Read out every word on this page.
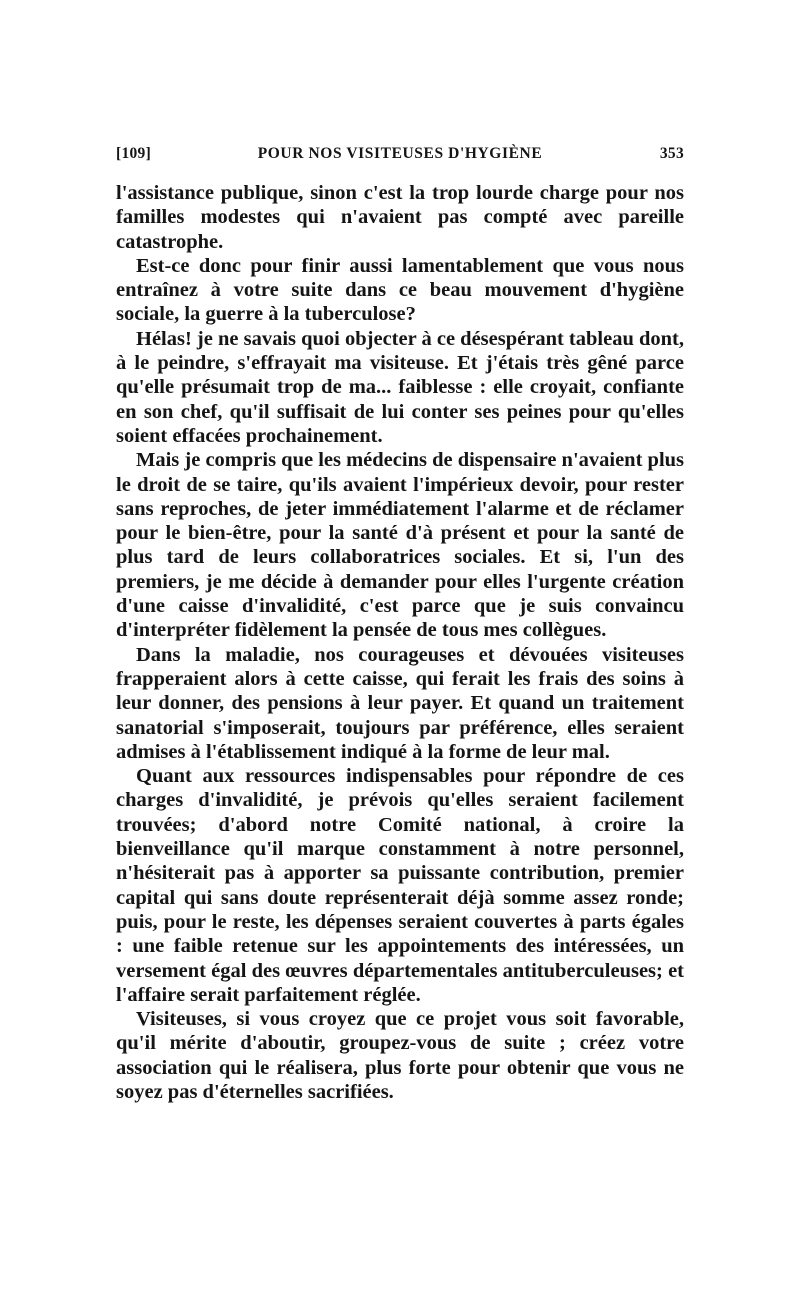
[109]	POUR NOS VISITEUSES D'HYGIÈNE	353

l'assistance publique, sinon c'est la trop lourde charge pour nos familles modestes qui n'avaient pas compté avec pareille catastrophe.

Est-ce donc pour finir aussi lamentablement que vous nous entraînez à votre suite dans ce beau mouvement d'hygiène sociale, la guerre à la tuberculose?

Hélas! je ne savais quoi objecter à ce désespérant tableau dont, à le peindre, s'effrayait ma visiteuse. Et j'étais très gêné parce qu'elle présumait trop de ma... faiblesse : elle croyait, confiante en son chef, qu'il suffisait de lui conter ses peines pour qu'elles soient effacées prochainement.

Mais je compris que les médecins de dispensaire n'avaient plus le droit de se taire, qu'ils avaient l'impérieux devoir, pour rester sans reproches, de jeter immédiatement l'alarme et de réclamer pour le bien-être, pour la santé d'à présent et pour la santé de plus tard de leurs collaboratrices sociales. Et si, l'un des premiers, je me décide à demander pour elles l'urgente création d'une caisse d'invalidité, c'est parce que je suis convaincu d'interpréter fidèlement la pensée de tous mes collègues.

Dans la maladie, nos courageuses et dévouées visiteuses frapperaient alors à cette caisse, qui ferait les frais des soins à leur donner, des pensions à leur payer. Et quand un traitement sanatorial s'imposerait, toujours par préférence, elles seraient admises à l'établissement indiqué à la forme de leur mal.

Quant aux ressources indispensables pour répondre de ces charges d'invalidité, je prévois qu'elles seraient facilement trouvées; d'abord notre Comité national, à croire la bienveillance qu'il marque constamment à notre personnel, n'hésiterait pas à apporter sa puissante contribution, premier capital qui sans doute représenterait déjà somme assez ronde; puis, pour le reste, les dépenses seraient couvertes à parts égales : une faible retenue sur les appointements des intéressées, un versement égal des œuvres départementales antituberculeuses; et l'affaire serait parfaitement réglée.

Visiteuses, si vous croyez que ce projet vous soit favorable, qu'il mérite d'aboutir, groupez-vous de suite ; créez votre association qui le réalisera, plus forte pour obtenir que vous ne soyez pas d'éternelles sacrifiées.
